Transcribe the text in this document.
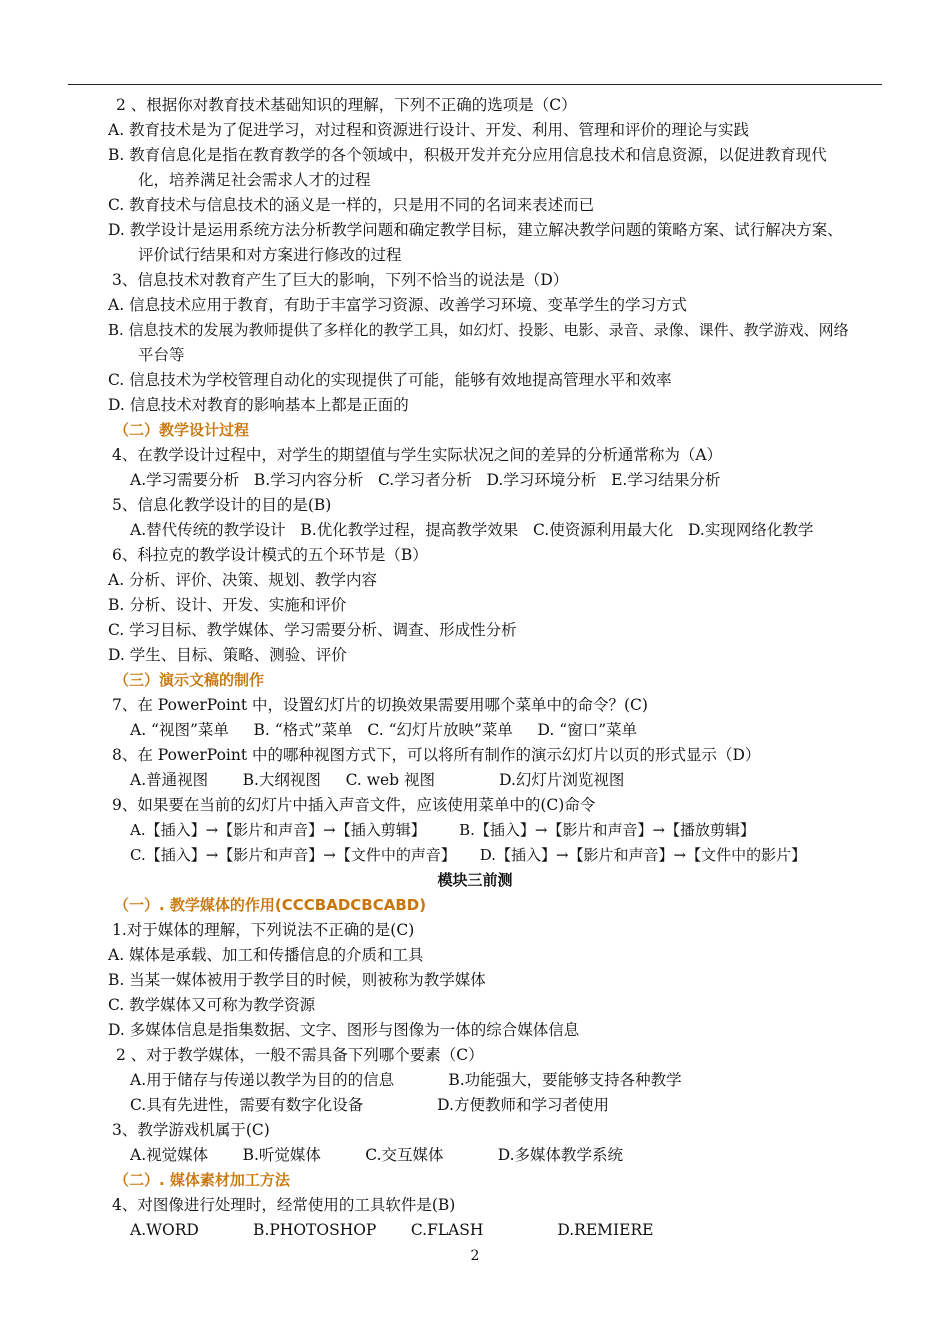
2 、根据你对教育技术基础知识的理解，下列不正确的选项是（C）
A. 教育技术是为了促进学习，对过程和资源进行设计、开发、利用、管理和评价的理论与实践
B. 教育信息化是指在教育教学的各个领域中，积极开发并充分应用信息技术和信息资源，以促进教育现代
化，培养满足社会需求人才的过程
C. 教育技术与信息技术的涵义是一样的，只是用不同的名词来表述而已
D. 教学设计是运用系统方法分析教学问题和确定教学目标，建立解决教学问题的策略方案、试行解决方案、
评价试行结果和对方案进行修改的过程
3、信息技术对教育产生了巨大的影响，下列不恰当的说法是（D）
A. 信息技术应用于教育，有助于丰富学习资源、改善学习环境、变革学生的学习方式
B. 信息技术的发展为教师提供了多样化的教学工具，如幻灯、投影、电影、录音、录像、课件、教学游戏、网络
平台等
C. 信息技术为学校管理自动化的实现提供了可能，能够有效地提高管理水平和效率
D. 信息技术对教育的影响基本上都是正面的
（二）教学设计过程
4、在教学设计过程中，对学生的期望值与学生实际状况之间的差异的分析通常称为（A）
A.学习需要分析   B.学习内容分析   C.学习者分析   D.学习环境分析   E.学习结果分析
5、信息化教学设计的目的是(B)
A.替代传统的教学设计   B.优化教学过程，提高教学效果   C.使资源利用最大化   D.实现网络化教学
6、科拉克的教学设计模式的五个环节是（B）
A. 分析、评价、决策、规划、教学内容
B. 分析、设计、开发、实施和评价
C. 学习目标、教学媒体、学习需要分析、调查、形成性分析
D. 学生、目标、策略、测验、评价
（三）演示文稿的制作
7、在 PowerPoint 中，设置幻灯片的切换效果需要用哪个菜单中的命令？(C)
A. “视图”菜单     B. “格式”菜单   C. “幻灯片放映”菜单     D. “窗口”菜单
8、在 PowerPoint 中的哪种视图方式下，可以将所有制作的演示幻灯片以页的形式显示（D）
A.普通视图       B.大纲视图     C. web 视图             D.幻灯片浏览视图
9、如果要在当前的幻灯片中插入声音文件，应该使用菜单中的(C)命令
A.【插入】→【影片和声音】→【插入剪辑】       B.【插入】→【影片和声音】→【播放剪辑】
C.【插入】→【影片和声音】→【文件中的声音】     D.【插入】→【影片和声音】→【文件中的影片】
模块三前测
（一）. 教学媒体的作用(CCCBADCBCABD)
1.对于媒体的理解，下列说法不正确的是(C)
A. 媒体是承载、加工和传播信息的介质和工具
B. 当某一媒体被用于教学目的时候，则被称为教学媒体
C. 教学媒体又可称为教学资源
D. 多媒体信息是指集数据、文字、图形与图像为一体的综合媒体信息
2 、对于教学媒体，一般不需具备下列哪个要素（C）
A.用于储存与传递以教学为目的的信息           B.功能强大，要能够支持各种教学
C.具有先进性，需要有数字化设备               D.方便教师和学习者使用
3、教学游戏机属于(C)
A.视觉媒体       B.听觉媒体         C.交互媒体           D.多媒体教学系统
（二）. 媒体素材加工方法
4、对图像进行处理时，经常使用的工具软件是(B)
A.WORD           B.PHOTOSHOP       C.FLASH               D.REMIERE
2
